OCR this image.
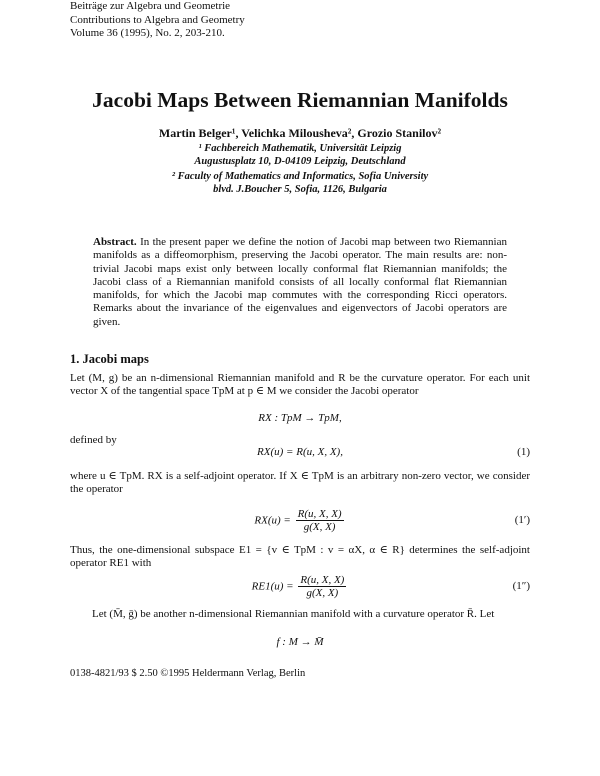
Beiträge zur Algebra und Geometrie
Contributions to Algebra and Geometry
Volume 36 (1995), No. 2, 203-210.
Jacobi Maps Between Riemannian Manifolds
Martin Belger¹, Velichka Milousheva², Grozio Stanilov²
¹ Fachbereich Mathematik, Universität Leipzig
Augustusplatz 10, D-04109 Leipzig, Deutschland
² Faculty of Mathematics and Informatics, Sofia University
blvd. J.Boucher 5, Sofia, 1126, Bulgaria
Abstract. In the present paper we define the notion of Jacobi map between two Riemannian manifolds as a diffeomorphism, preserving the Jacobi operator. The main results are: non-trivial Jacobi maps exist only between locally conformal flat Riemannian manifolds; the Jacobi class of a Riemannian manifold consists of all locally conformal flat Riemannian manifolds, for which the Jacobi map commutes with the corresponding Ricci operators. Remarks about the invariance of the eigenvalues and eigenvectors of Jacobi operators are given.
1. Jacobi maps
Let (M, g) be an n-dimensional Riemannian manifold and R be the curvature operator. For each unit vector X of the tangential space TpM at p ∈ M we consider the Jacobi operator
RX : TpM → TpM,
defined by
RX(u) = R(u, X, X),	(1)
where u ∈ TpM. RX is a self-adjoint operator. If X ∈ TpM is an arbitrary non-zero vector, we consider the operator
$RX(u) = \frac{R(u, X, X)}{g(X, X)}$	(1′)
Thus, the one-dimensional subspace E1 = {v ∈ TpM : v = αX, α ∈ R} determines the self-adjoint operator RE1 with
$RE1(u) = \frac{R(u, X, X)}{g(X, X)}$	(1″)
Let (M̄, ḡ) be another n-dimensional Riemannian manifold with a curvature operator R̄. Let
f : M → M̄
0138-4821/93 $ 2.50 ©1995 Heldermann Verlag, Berlin
